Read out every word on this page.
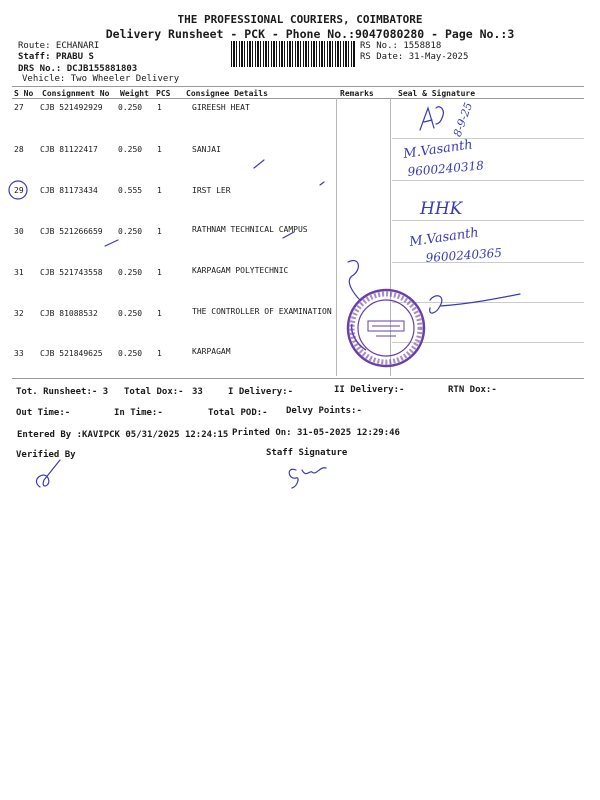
THE PROFESSIONAL COURIERS, COIMBATORE
Delivery Runsheet - PCK - Phone No.:9047080280 - Page No.:3
Route: ECHANARI
Staff: PRABU S
DRS No.: DCJB155881803
Vehicle: Two Wheeler Delivery
RS No.: 1558818
RS Date: 31-May-2025
S No Consignment No Weight PCS Consignee Details	Remarks	Seal & Signature
27 CJB 521492929 0.250 1	GIREESH HEAT
28 CJB 81122417	0.250 1	SANJAI
29 CJB 81173434	0.555 1	IRST LER
30 CJB 521266659 0.250 1	RATHNAM TECHNICAL CAMPUS
31 CJB 521743558 0.250 1	KARPAGAM POLYTECHNIC
32 CJB 81088532	0.250 1	THE CONTROLLER OF EXAMINATION
33 CJB 521849625 0.250 1	KARPAGAM
Tot. Runsheet:- 3 Total Dox:- 33	I Delivery:-	II Delivery:-	RTN Dox:-
Out Time:-	In Time:-	Total POD:- Delvy Points:-
Entered By :KAVIPCK 05/31/2025 12:24:15 Printed On: 31-05-2025 12:29:46
Verified By	Staff Signature
8-9-25
M.Vasanth
9600240318
HHK
M.Vasanth
9600240365
